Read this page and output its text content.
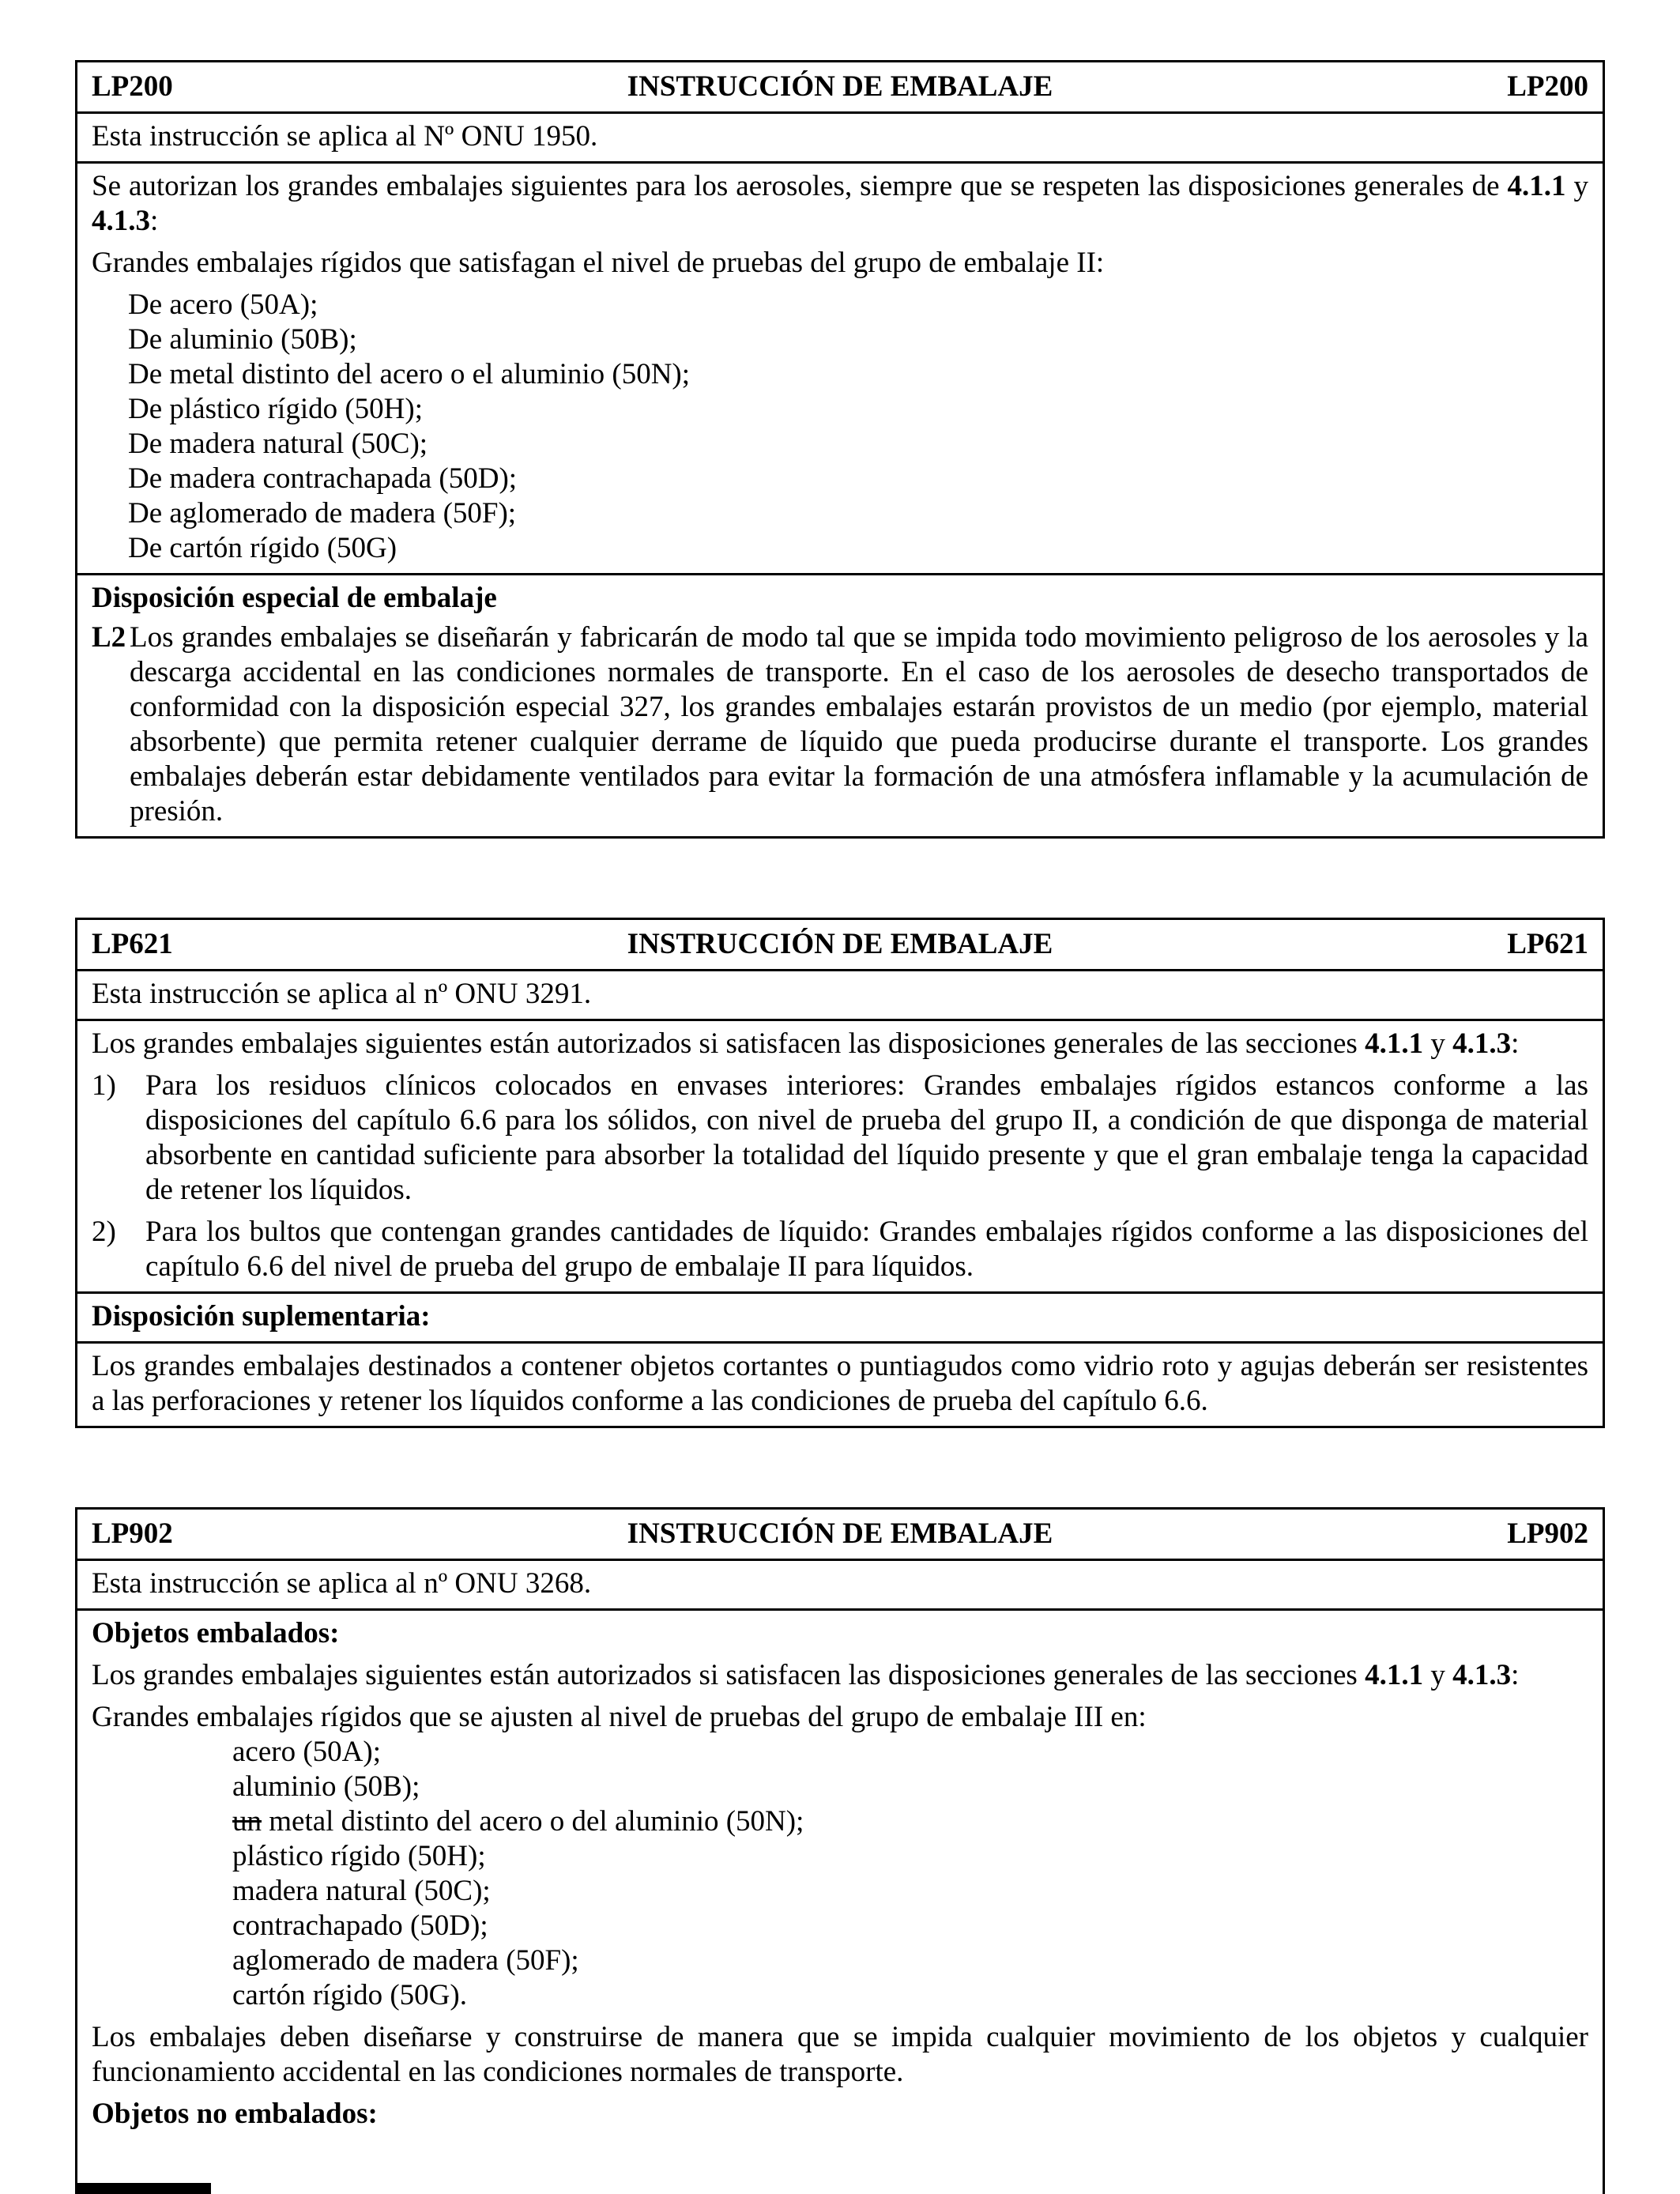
LP200	INSTRUCCIÓN DE EMBALAJE	LP200
Esta instrucción se aplica al Nº ONU 1950.

Se autorizan los grandes embalajes siguientes para los aerosoles, siempre que se respeten las disposiciones generales de 4.1.1 y 4.1.3:

Grandes embalajes rígidos que satisfagan el nivel de pruebas del grupo de embalaje II:

De acero (50A);
De aluminio (50B);
De metal distinto del acero o el aluminio (50N);
De plástico rígido (50H);
De madera natural (50C);
De madera contrachapada (50D);
De aglomerado de madera (50F);
De cartón rígido (50G)

Disposición especial de embalaje

L2 Los grandes embalajes se diseñarán y fabricarán de modo tal que se impida todo movimiento peligroso de los aerosoles y la descarga accidental en las condiciones normales de transporte. En el caso de los aerosoles de desecho transportados de conformidad con la disposición especial 327, los grandes embalajes estarán provistos de un medio (por ejemplo, material absorbente) que permita retener cualquier derrame de líquido que pueda producirse durante el transporte. Los grandes embalajes deberán estar debidamente ventilados para evitar la formación de una atmósfera inflamable y la acumulación de presión.
LP621	INSTRUCCIÓN DE EMBALAJE	LP621
Esta instrucción se aplica al nº ONU 3291.

Los grandes embalajes siguientes están autorizados si satisfacen las disposiciones generales de las secciones 4.1.1 y 4.1.3:

1)	Para los residuos clínicos colocados en envases interiores: Grandes embalajes rígidos estancos conforme a las disposiciones del capítulo 6.6 para los sólidos, con nivel de prueba del grupo II, a condición de que disponga de material absorbente en cantidad suficiente para absorber la totalidad del líquido presente y que el gran embalaje tenga la capacidad de retener los líquidos.
2)	Para los bultos que contengan grandes cantidades de líquido: Grandes embalajes rígidos conforme a las disposiciones del capítulo 6.6 del nivel de prueba del grupo de embalaje II para líquidos.

Disposición suplementaria:

Los grandes embalajes destinados a contener objetos cortantes o puntiagudos como vidrio roto y agujas deberán ser resistentes a las perforaciones y retener los líquidos conforme a las condiciones de prueba del capítulo 6.6.

LP902	INSTRUCCIÓN DE EMBALAJE	LP902
Esta instrucción se aplica al nº ONU 3268.

Objetos embalados:

Los grandes embalajes siguientes están autorizados si satisfacen las disposiciones generales de las secciones 4.1.1 y 4.1.3:

Grandes embalajes rígidos que se ajusten al nivel de pruebas del grupo de embalaje III en:

acero (50A);
aluminio (50B);
un metal distinto del acero o del aluminio (50N);
plástico rígido (50H);
madera natural (50C);
contrachapado (50D);
aglomerado de madera (50F);
cartón rígido (50G).

Los embalajes deben diseñarse y construirse de manera que se impida cualquier movimiento de los objetos y cualquier funcionamiento accidental en las condiciones normales de transporte.

Objetos no embalados:
